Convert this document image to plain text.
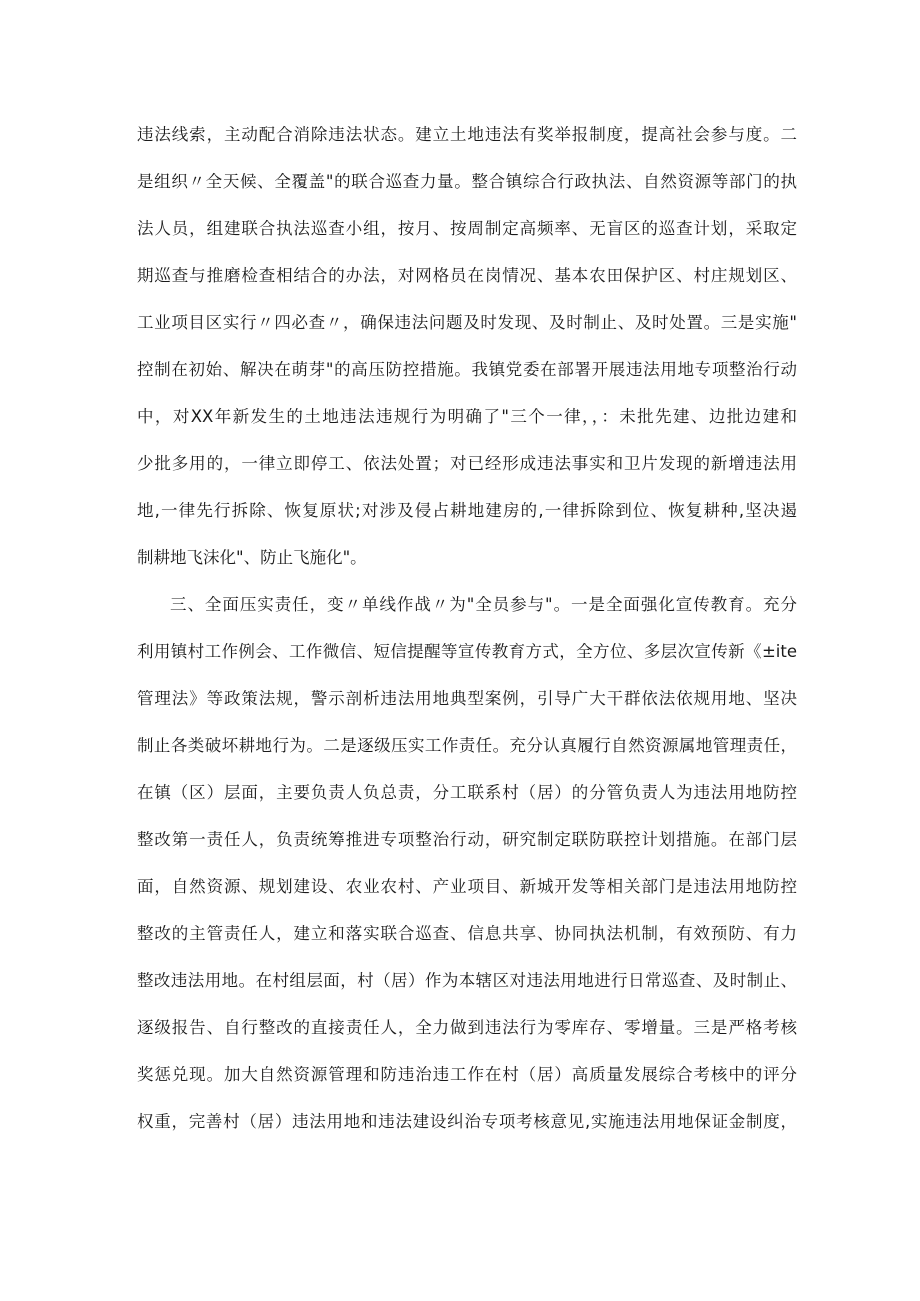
违法线索，主动配合消除违法状态。建立土地违法有奖举报制度，提高社会参与度。二
是组织〃全天候、全覆盖"的联合巡查力量。整合镇综合行政执法、自然资源等部门的执
法人员，组建联合执法巡查小组，按月、按周制定高频率、无盲区的巡查计划，采取定
期巡查与推磨检查相结合的办法，对网格员在岗情况、基本农田保护区、村庄规划区、
工业项目区实行〃四必查〃，确保违法问题及时发现、及时制止、及时处置。三是实施"
控制在初始、解决在萌芽"的高压防控措施。我镇党委在部署开展违法用地专项整治行动
中，对XX年新发生的土地违法违规行为明确了"三个一律，，：未批先建、边批边建和
少批多用的，一律立即停工、依法处置；对已经形成违法事实和卫片发现的新增违法用
地,一律先行拆除、恢复原状;对涉及侵占耕地建房的,一律拆除到位、恢复耕种,坚决遏
制耕地飞沫化"、防止飞施化"。
三、全面压实责任，变〃单线作战〃为"全员参与"。一是全面强化宣传教育。充分
利用镇村工作例会、工作微信、短信提醒等宣传教育方式，全方位、多层次宣传新《±ite
管理法》等政策法规，警示剖析违法用地典型案例，引导广大干群依法依规用地、坚决
制止各类破坏耕地行为。二是逐级压实工作责任。充分认真履行自然资源属地管理责任，
在镇（区）层面，主要负责人负总责，分工联系村（居）的分管负责人为违法用地防控
整改第一责任人，负责统筹推进专项整治行动，研究制定联防联控计划措施。在部门层
面，自然资源、规划建设、农业农村、产业项目、新城开发等相关部门是违法用地防控
整改的主管责任人，建立和落实联合巡查、信息共享、协同执法机制，有效预防、有力
整改违法用地。在村组层面，村（居）作为本辖区对违法用地进行日常巡查、及时制止、
逐级报告、自行整改的直接责任人，全力做到违法行为零库存、零增量。三是严格考核
奖惩兑现。加大自然资源管理和防违治违工作在村（居）高质量发展综合考核中的评分
权重，完善村（居）违法用地和违法建设纠治专项考核意见,实施违法用地保证金制度，
